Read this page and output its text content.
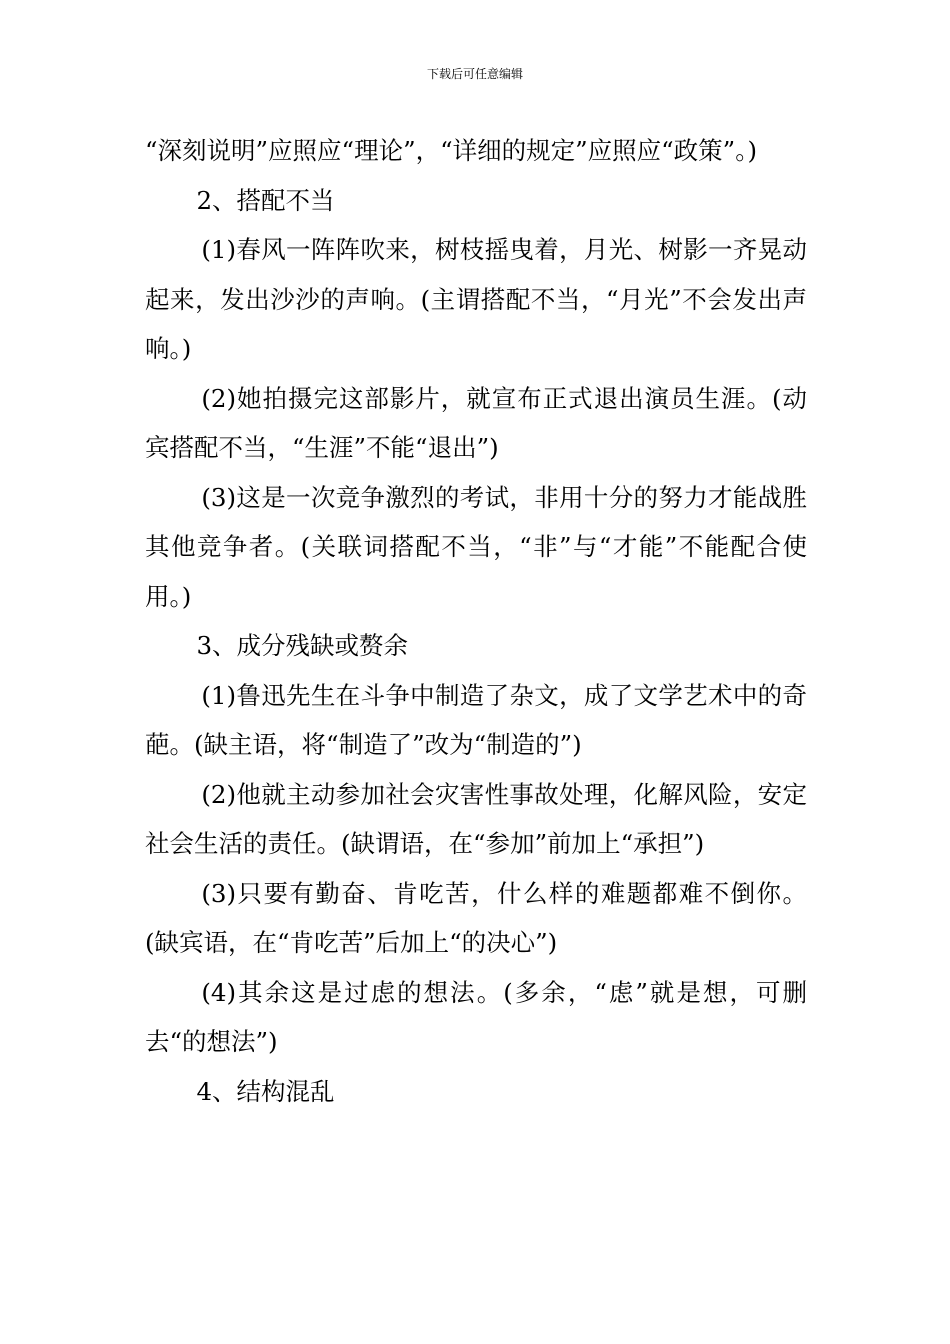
下载后可任意编辑

“深刻说明”应照应“理论”，“详细的规定”应照应“政策”。)

2、搭配不当

(1)春风一阵阵吹来，树枝摇曳着，月光、树影一齐晃动起来，发出沙沙的声响。(主谓搭配不当，“月光”不会发出声响。)

(2)她拍摄完这部影片，就宣布正式退出演员生涯。(动宾搭配不当，“生涯”不能“退出”)

(3)这是一次竞争激烈的考试，非用十分的努力才能战胜其他竞争者。(关联词搭配不当，“非”与“才能”不能配合使用。)

3、成分残缺或赘余

(1)鲁迅先生在斗争中制造了杂文，成了文学艺术中的奇葩。(缺主语，将“制造了”改为“制造的”)

(2)他就主动参加社会灾害性事故处理，化解风险，安定社会生活的责任。(缺谓语，在“参加”前加上“承担”)

(3)只要有勤奋、肯吃苦，什么样的难题都难不倒你。(缺宾语，在“肯吃苦”后加上“的决心”)

(4)其余这是过虑的想法。(多余，“虑”就是想，可删去“的想法”)

4、结构混乱
